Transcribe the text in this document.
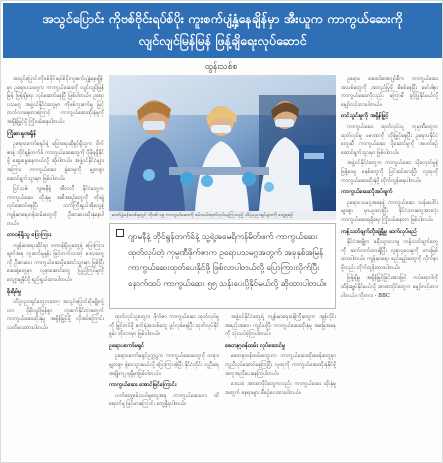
အသွင်ပြောင်း ကိုဗစ်ဗိုင်းရပ်စ်ပိုး ကူးစက်ပျံ့နှံ့နေချိန်မှာ အီးယူက ကာကွယ်ဆေးကို
လျင်လျင်မြန်မြန် ဖြန့်ချိရေးလုပ်ဆောင်
ထွန်းသစ်စ

အသွင်ပြောင်းကိုဗစ်ဗိုင်းရပ်စ်ပိုးကူးစက်ပျံ့နှံ့နေချိန်မှာ ဥရောပသမဂ္ဂက ကာကွယ်ဆေးကို လျင်လျင်မြန်မြန် ဖြန့်ချိရေး လုပ်ဆောင်နေပြီ ဖြစ်ပါတယ်။ ဥရောပသမဂ္ဂ အဖွဲ့ဝင်နိုင်ငံတွေမှာ ကိုဗစ်ကူးစက်မှု မြင့်တက်လာနေတာကြောင့် ကာကွယ်ဆေးထိုးနှံမှုကို အရှိန်မြှင့်ဖို့ ကြိုးပမ်းနေပါတယ်။

ကြိုးစားမှုအရှိန်

ဥရောပကော်မရှင်ရဲ့ ပြောရေးဆိုခွင့်ရှိသူက ဖိုက်ဇာနဲ့ ဘိုင်ရွန်တက်ခ် ကာကွယ်ဆေးတွေကို ပိုမိုရရှိနိုင်ဖို့ ဆွေးနွေးနေတယ်လို့ ဆိုပါတယ်။ အဖွဲ့ဝင်နိုင်ငံများအကြား ကာကွယ်ဆေး ခွဲဝေမှုကို မျှတစွာ ဆောင်ရွက်သွားမှာ ဖြစ်ပါတယ်။

ပြင်သစ်၊ ဂျာမနီနဲ့ အီတလီ နိုင်ငံတွေက ကာကွယ်ဆေး ထိုးနှံမှု အစီအစဉ်တွေကို တိုးချဲ့လုပ်ဆောင်နေပြီး သက်ကြီးရွယ်အိုတွေနဲ့ ကျန်းမာရေးဝန်ထမ်းတွေကို ဦးစားပေးထိုးနှံနေပါတယ်။

တာဝန်ရှိသူ ပြောကြား

ကျန်းမာရေးဆိုင်ရာ တာဝန်ရှိသူတွေရဲ့ ပြောကြားချက်အရ ကူးစက်မှုနှုန်း မြင့်တက်လာတဲ့ ဒေသတွေကို ဦးစားပေး ကာကွယ်ဆေးပို့ဆောင်သွားမှာ ဖြစ်ပြီး ဆေးရုံတွေမှာ လူနာဆောင်တွေ ပြည့်ကြပ်မှုကို လျှော့ချနိုင်ဖို့ ရည်ရွယ်ထားပါတယ်။

စိုးရိမ်မှု

သိပ္ပံပညာရှင်တွေကတော့ အသွင်ပြောင်းပိုးမျိုးကွဲဟာ ပိုမိုလျင်မြန်စွာ ကူးစက်နိုင်တဲ့အတွက် ကာကွယ်ဆေးထိုးနှံမှု အရှိန်မြှင့်ဖို့ လိုအပ်ကြောင်း သတိပေးထားပါတယ်။

ဥရောပ ဆေးဝါးအေဂျင်စီက ကာကွယ်ဆေးအသစ်တွေကို အတည်ပြုဖို့ စိစစ်နေပြီး မော်ဒါနာ ကာကွယ်ဆေးကိုလည်း မကြာမီ ခွင့်ပြုနိုင်မယ်လို့ မျှော်လင့်ထားပါတယ်။

တင်သွင်းမှုကို အရှိန်မြှင့်

ကာကွယ်ဆေး ထုတ်လုပ်သူ ကုမ္ပဏီတွေက ထုတ်လုပ်မှု ပမာဏကို တိုးမြှင့်နေပြီး ဥရောပနိုင်ငံတွေဆီ ကာကွယ်ဆေး ပို့ဆောင်မှုကို အပတ်စဉ် ဆောင်ရွက်သွားမှာ ဖြစ်ပါတယ်။

အဖွဲ့ဝင်နိုင်ငံတွေက ကာကွယ်ဆေး သိုလှောင်မှုနဲ့ ဖြန့်ဝေမှု စနစ်တွေကို ပြင်ဆင်ထားပြီး လူထုကို ကာကွယ်ဆေးထိုးနှံဖို့ တိုက်တွန်းနေပါတယ်။

ကာကွယ်ဆေးလိုအပ်ချက်

ဥရောပသမဂ္ဂအနေနဲ့ ကာကွယ်ဆေး သန်းပေါင်းများစွာ မှာယူထားပြီး နိုင်ငံသားတွေအားလုံး ကာကွယ်ဆေးရရှိရေး ကြိုးပမ်းနေတာ ဖြစ်ပါတယ်။

ကန့်သတ်ချက်တိုးချဲ့ရှိမှု ဆက်လုပ်မည်

နိုင်ငံအချို့က ခရီးသွားလာမှု ကန့်သတ်ချက်တွေကို ဆက်လက်ထားရှိပြီး လူစုလူဝေးမှုကို တားမြစ်ထားပါတယ်။ ကျန်းမာရေး စည်းမျဉ်းတွေကို လိုက်နာဖို့လည်း တိုက်တွန်းထားပါတယ်။

ဖြန့်ချိမှု အရှိန်မြှင့်ခြင်းအားဖြင့် ကပ်ရောဂါကို ထိန်းချုပ်နိုင်မယ်လို့ အာဏာပိုင်တွေက မျှော်လင့်ထားပါတယ်။ ကိုးကား - BBC

ထုတ်လုပ်သူတွေက ဖိုက်ဇာ ကာကွယ်ဆေး ထုတ်လုပ်မှုကို မြှင့်တင်ဖို့ စက်ရုံအသစ်တွေ ဖွင့်လှစ်နေပြီး ထုတ်လုပ်နိုင်စွမ်း တိုးလာမှာ ဖြစ်ပါတယ်။

ဥရောပကော်မရှင်

ဥရောပကော်မရှင်ဥက္ကဋ္ဌက ကာကွယ်ဆေးတွေကို တရားမျှတစွာ ခွဲဝေသွားမယ်လို့ ပြောကြားခဲ့ပြီး နိုင်ငံတိုင်း လူဦးရေအချိုးကျ ရရှိမှာဖြစ်ပါတယ်။

ကာကွယ်ဆေး အောင်မြင်ကြောင်း

လက်တွေ့စမ်းသပ်မှုတွေအရ ကာကွယ်ဆေးဟာ ထိရောက်မှု မြင့်မားကြောင်း တွေ့ရှိရပါတယ်။

အဖွဲ့ဝင်နိုင်ငံတွေရဲ့ ကျန်းမာရေးဝန်ကြီးတွေက အွန်လိုင်းအစည်းအဝေး ကျင်းပပြီး ကာကွယ်ဆေးထိုးနှံမှု အခြေအနေကို သုံးသပ်ခဲ့ကြပါတယ်။

စေတနာ့ဝန်ထမ်း လုပ်ဆောင်မှု

စေတနာ့ဝန်ထမ်းတွေဟာ ကာကွယ်ဆေးထိုးစခန်းတွေမှာ ကူညီလုပ်ဆောင်နေကြပြီး လူထုကို ကာကွယ်ဆေးထိုးနှံနိုင်ဖို့ အကူအညီပေးနေကြပါတယ်။

ဒေသခံ အာဏာပိုင်တွေကလည်း ကာကွယ်ဆေး ထိုးနှံမှုအတွက် နေရာများ စီစဉ်ပေးထားပါတယ်။

ဓာတ်ခွဲခန်းတစ်ခုတွင် ကိုဗစ်-၁၉ ကာကွယ်ဆေးကို စမ်းသပ်ထုတ်လုပ်နေကြသည့် သိပ္ပံပညာရှင်များကို တွေ့ရစဉ်
ဂျာမနီနဲ့ ဘိုင်ရွန်တက်ခ်နဲ့ သူ့ရဲ့အမေရိကန်မိတ်ဖက် ကာကွယ်ဆေးထုတ်လုပ်တဲ့ ကုမ္ပဏီဖိုက်ဇာက ဥရောပသမဂ္ဂအတွက် အခုနှစ်အမြန် ကာကွယ်ဆေးထုတ်ပေးနိုင်ဖို့ ဖြစ်လာပါတယ်လို့ ပြောကြားလိုက်ပြီး နောက်ထပ် ကာကွယ်ဆေး ၅၅ သန်းပေးပို့နိုင်မယ်လို့ ဆိုထားပါတယ်။
